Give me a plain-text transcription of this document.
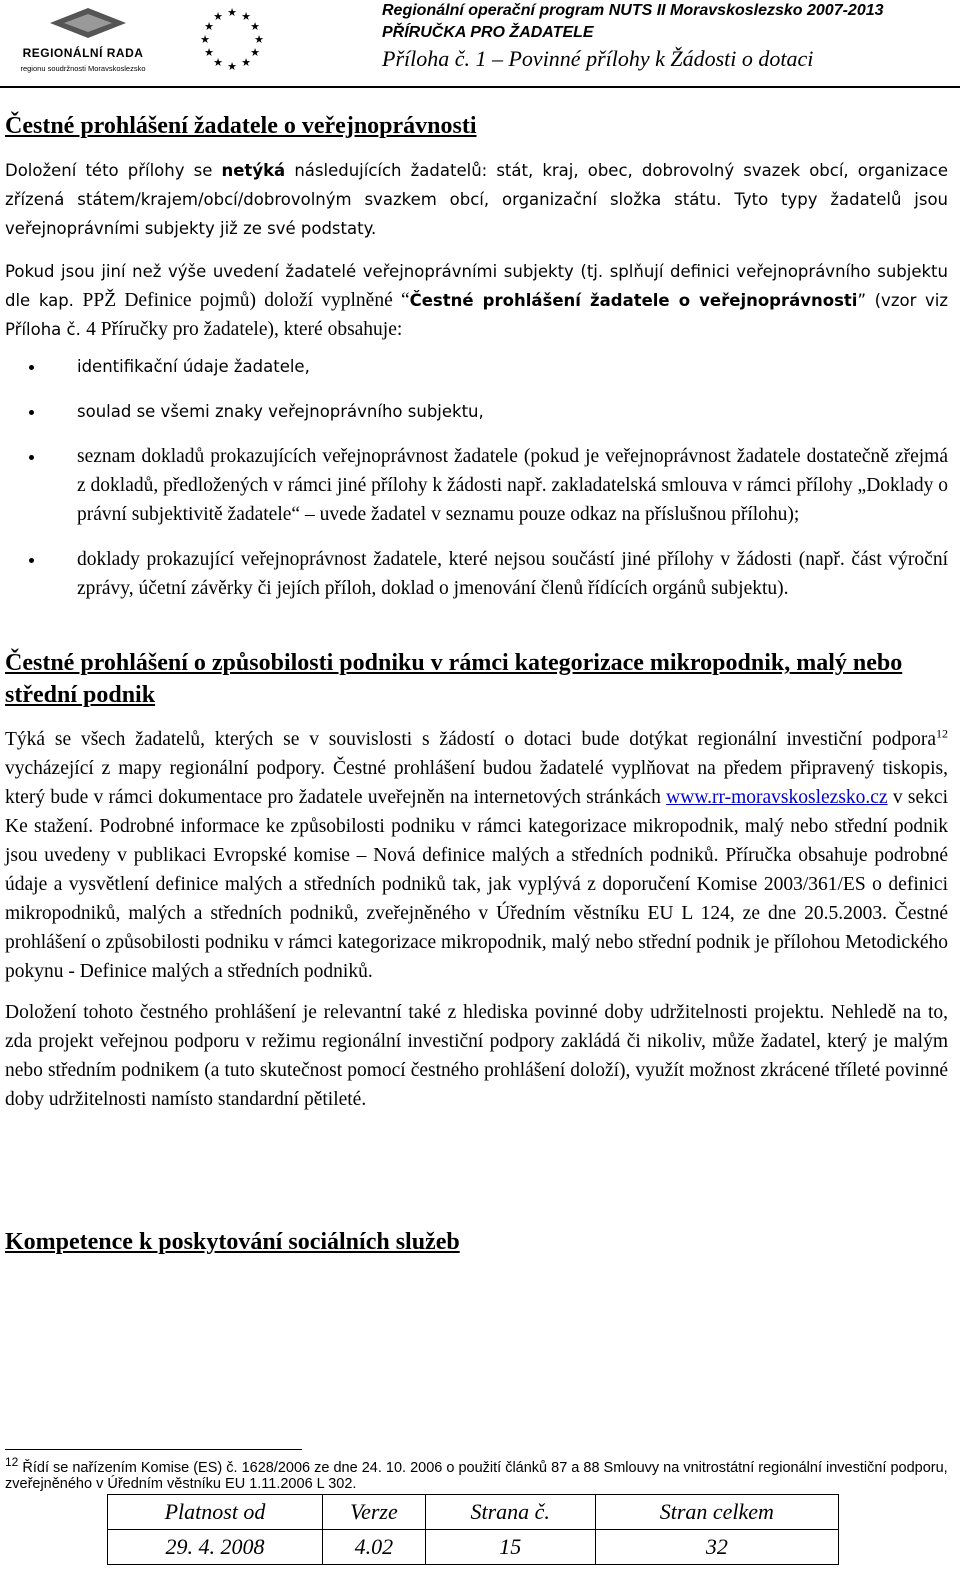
REGIONÁLNÍ RADA
regionu soudržnosti Moravskoslezsko
★ ★
★
★
★
★
★
★
★
★
★
★	Regionální operační program NUTS II Moravskoslezsko 2007-2013
PŘÍRUČKA PRO ŽADATELE
Příloha č. 1 – Povinné přílohy k Žádosti o dotaci
Čestné prohlášení žadatele o veřejnoprávnosti

Doložení této přílohy se netýká následujících žadatelů: stát, kraj, obec, dobrovolný svazek obcí, organizace zřízená státem/krajem/obcí/dobrovolným svazkem obcí, organizační složka státu. Tyto typy žadatelů jsou veřejnoprávními subjekty již ze své podstaty.

Pokud jsou jiní než výše uvedení žadatelé veřejnoprávními subjekty (tj. splňují definici veřejnoprávního subjektu dle kap. PPŽ Definice pojmů) doloží vyplněné “Čestné prohlášení žadatele o veřejnoprávnosti” (vzor viz Příloha č. 4 Příručky pro žadatele), které obsahuje:

identifikační údaje žadatele,
soulad se všemi znaky veřejnoprávního subjektu,
seznam dokladů prokazujících veřejnoprávnost žadatele (pokud je veřejnoprávnost žadatele dostatečně zřejmá z dokladů, předložených v rámci jiné přílohy k žádosti např. zakladatelská smlouva v rámci přílohy „Doklady o právní subjektivitě žadatele“ – uvede žadatel v seznamu pouze odkaz na příslušnou přílohu);
doklady prokazující veřejnoprávnost žadatele, které nejsou součástí jiné přílohy v žádosti (např. část výroční zprávy, účetní závěrky či jejích příloh, doklad o jmenování členů řídících orgánů subjektu).
Čestné prohlášení o způsobilosti podniku v rámci kategorizace mikropodnik, malý nebo střední podnik

Týká se všech žadatelů, kterých se v souvislosti s žádostí o dotaci bude dotýkat regionální investiční podpora$^{12}$ vycházející z mapy regionální podpory. Čestné prohlášení budou žadatelé vyplňovat na předem připravený tiskopis, který bude v rámci dokumentace pro žadatele uveřejněn na internetových stránkách www.rr-moravskoslezsko.cz v sekci Ke stažení. Podrobné informace ke způsobilosti podniku v rámci kategorizace mikropodnik, malý nebo střední podnik jsou uvedeny v publikaci Evropské komise – Nová definice malých a středních podniků. Příručka obsahuje podrobné údaje a vysvětlení definice malých a středních podniků tak, jak vyplývá z doporučení Komise 2003/361/ES o definici mikropodniků, malých a středních podniků, zveřejněného v Úředním věstníku EU L 124, ze dne 20.5.2003. Čestné prohlášení o způsobilosti podniku v rámci kategorizace mikropodnik, malý nebo střední podnik je přílohou Metodického pokynu - Definice malých a středních podniků.

Doložení tohoto čestného prohlášení je relevantní také z hlediska povinné doby udržitelnosti projektu. Nehledě na to, zda projekt veřejnou podporu v režimu regionální investiční podpory zakládá či nikoliv, může žadatel, který je malým nebo středním podnikem (a tuto skutečnost pomocí čestného prohlášení doloží), využít možnost zkrácené tříleté povinné doby udržitelnosti namísto standardní pětileté.

Kompetence k poskytování sociálních služeb
$^{12}$ Řídí se nařízením Komise (ES) č. 1628/2006 ze dne 24. 10. 2006 o použití článků 87 a 88 Smlouvy na vnitrostátní regionální investiční podporu, zveřejněného v Úředním věstníku EU 1.11.2006 L 302.
Platnost od	Verze	Strana č.	Stran celkem
29. 4. 2008	4.02	15	32
